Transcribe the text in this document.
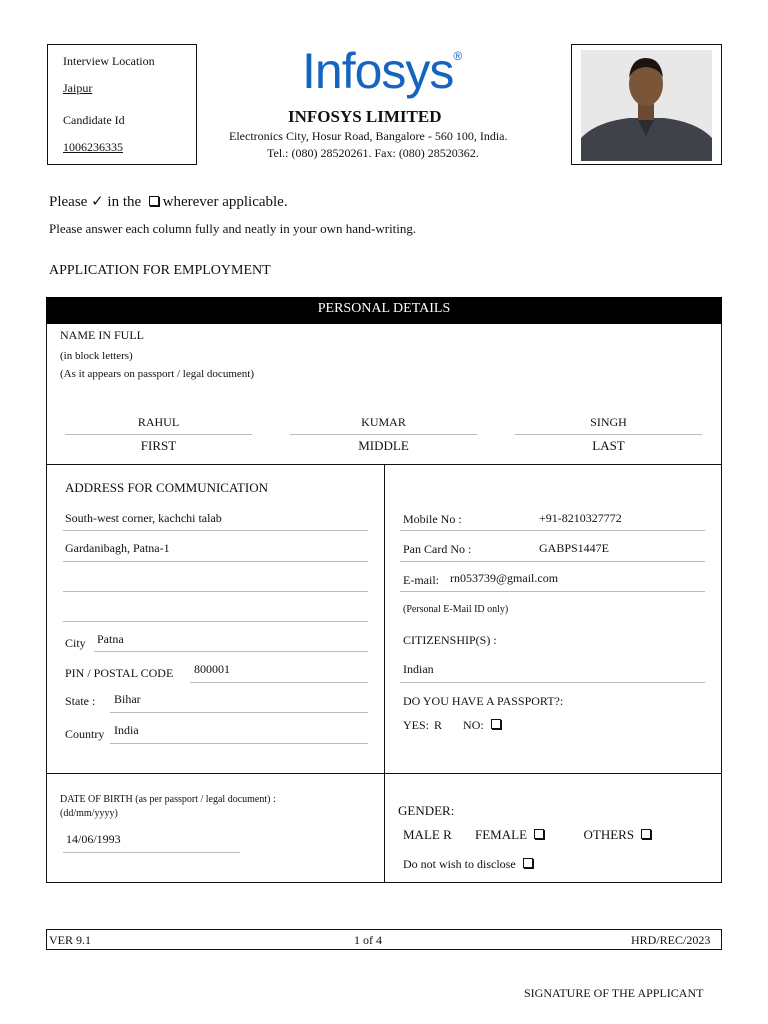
Interview Location
Jaipur
Candidate Id
1006236335
Infosys®
INFOSYS LIMITED
Electronics City, Hosur Road, Bangalore - 560 100, India.
Tel.: (080) 28520261. Fax: (080) 28520362.
Please ✓ in the wherever applicable.
Please answer each column fully and neatly in your own hand-writing.
APPLICATION FOR EMPLOYMENT
PERSONAL DETAILS
NAME IN FULL
(in block letters)
(As it appears on passport / legal document)
RAHUL	KUMAR	SINGH
FIRST	MIDDLE	LAST
ADDRESS FOR COMMUNICATION
South-west corner, kachchi talab
Gardanibagh, Patna-1
City Patna
PIN / POSTAL CODE 800001
State : Bihar
Country India
Mobile No :	+91-8210327772
Pan Card No :	GABPS1447E
E-mail: rn053739@gmail.com
(Personal E-Mail ID only)
CITIZENSHIP(S) :
Indian
DO YOU HAVE A PASSPORT?:
YES: R NO:
DATE OF BIRTH (as per passport / legal document) :
(dd/mm/yyyy)
14/06/1993
GENDER:
MALE R FEMALE	OTHERS
Do not wish to disclose
VER 9.1	1 of 4	HRD/REC/2023
SIGNATURE OF THE APPLICANT
